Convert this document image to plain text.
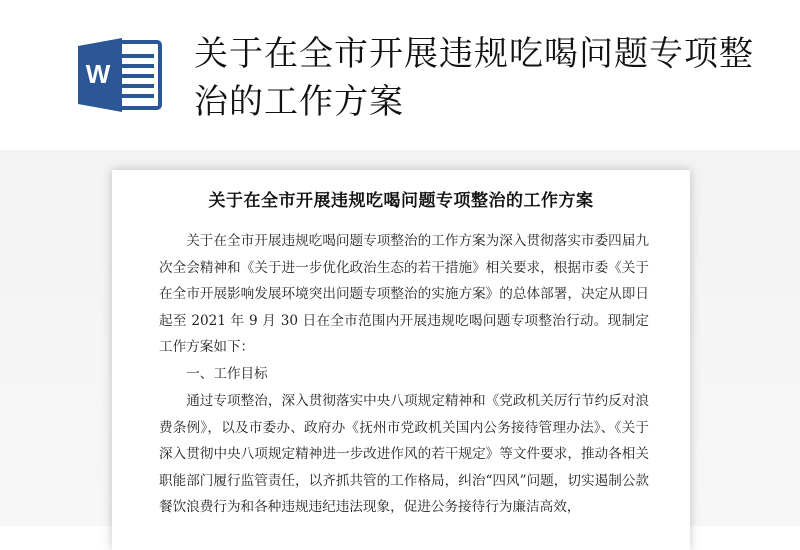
W 关于在全市开展违规吃喝问题专项整治的工作方案
关于在全市开展违规吃喝问题专项整治的工作方案

关于在全市开展违规吃喝问题专项整治的工作方案为深入贯彻落实市委四届九次全会精神和《关于进一步优化政治生态的若干措施》相关要求，根据市委《关于在全市开展影响发展环境突出问题专项整治的实施方案》的总体部署，决定从即日起至 2021 年 9 月 30 日在全市范围内开展违规吃喝问题专项整治行动。现制定工作方案如下：

一、工作目标

通过专项整治，深入贯彻落实中央八项规定精神和《党政机关厉行节约反对浪费条例》，以及市委办、政府办《抚州市党政机关国内公务接待管理办法》、《关于深入贯彻中央八项规定精神进一步改进作风的若干规定》等文件要求，推动各相关职能部门履行监管责任，以齐抓共管的工作格局，纠治“四风”问题，切实遏制公款餐饮浪费行为和各种违规违纪违法现象，促进公务接待行为廉洁高效，
